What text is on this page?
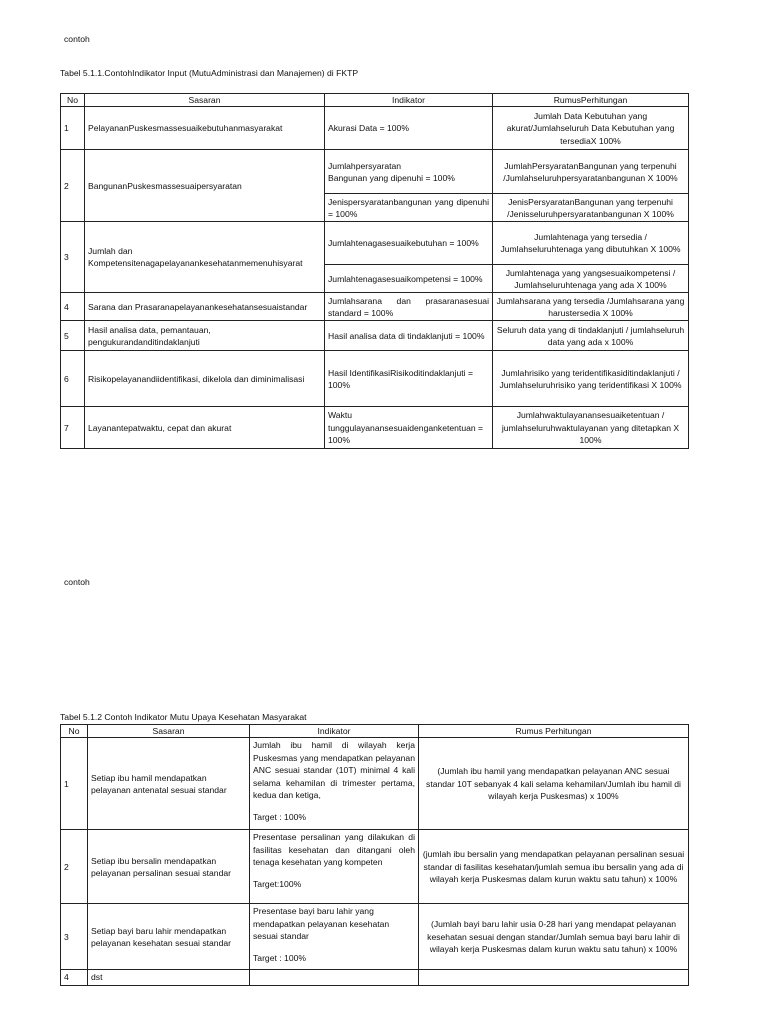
contoh
Tabel 5.1.1.ContohIndikator Input (MutuAdministrasi dan Manajemen) di FKTP
No	Sasaran	Indikator	RumusPerhitungan
1	PelayananPuskesmassesuaikebutuhanmasyarakat	Akurasi Data = 100%	Jumlah Data Kebutuhan yang akurat/Jumlahseluruh Data Kebutuhan yang tersediaX 100%
2	BangunanPuskesmassesuaipersyaratan	Jumlahpersyaratan
Bangunan yang dipenuhi = 100%	JumlahPersyaratanBangunan yang terpenuhi /Jumlahseluruhpersyaratanbangunan X 100%
		Jenispersyaratanbangunan yang dipenuhi = 100%	JenisPersyaratanBangunan yang terpenuhi /Jenisseluruhpersyaratanbangunan X 100%
3	Jumlah dan Kompetensitenagapelayanankesehatanmemenuhisyarat	Jumlahtenagasesuaikebutuhan = 100%	Jumlahtenaga yang tersedia / Jumlahseluruhtenaga yang dibutuhkan X 100%
		Jumlahtenagasesuaikompetensi = 100%	Jumlahtenaga yang yangsesuaikompetensi / Jumlahseluruhtenaga yang ada X 100%
4	Sarana dan Prasaranapelayanankesehatansesuaistandar	Jumlahsarana dan prasaranasesuai standard = 100%	Jumlahsarana yang tersedia /Jumlahsarana yang harustersedia X 100%
5	Hasil analisa data, pemantauan, pengukurandanditindaklanjuti	Hasil analisa data di tindaklanjuti = 100%	Seluruh data yang di tindaklanjuti / jumlahseluruh data yang ada x 100%
6	Risikopelayanandiidentifikasi, dikelola dan diminimalisasi	Hasil IdentifikasiRisikoditindaklanjuti = 100%	Jumlahrisiko yang teridentifikasiditindaklanjuti / Jumlahseluruhrisiko yang teridentifikasi X 100%
7	Layanantepatwaktu, cepat dan akurat	Waktu tunggulayanansesuaidenganketentuan = 100%	Jumlahwaktulayanansesuaiketentuan / jumlahseluruhwaktulayanan yang ditetapkan X 100%
contoh
Tabel 5.1.2 Contoh Indikator Mutu Upaya Kesehatan Masyarakat
No	Sasaran	Indikator	Rumus Perhitungan
1	Setiap ibu hamil mendapatkan pelayanan antenatal sesuai standar	Jumlah ibu hamil di wilayah kerja Puskesmas yang mendapatkan pelayanan ANC sesuai standar (10T) minimal 4 kali selama kehamilan di trimester pertama, kedua dan ketiga,
Target : 100%	(Jumlah ibu hamil yang mendapatkan pelayanan ANC sesuai standar 10T sebanyak 4 kali selama kehamilan/Jumlah ibu hamil di wilayah kerja Puskesmas) x 100%
2	Setiap ibu bersalin mendapatkan pelayanan persalinan sesuai standar	Presentase persalinan yang dilakukan di fasilitas kesehatan dan ditangani oleh tenaga kesehatan yang kompeten
Target:100%	(jumlah ibu bersalin yang mendapatkan pelayanan persalinan sesuai standar di fasilitas kesehatan/jumlah semua ibu bersalin yang ada di wilayah kerja Puskesmas dalam kurun waktu satu tahun) x 100%
3	Setiap bayi baru lahir mendapatkan pelayanan kesehatan sesuai standar	Presentase bayi baru lahir yang mendapatkan pelayanan kesehatan sesuai standar
Target : 100%	(Jumlah bayi baru lahir usia 0-28 hari yang mendapat pelayanan kesehatan sesuai dengan standar/Jumlah semua bayi baru lahir di wilayah kerja Puskesmas dalam kurun waktu satu tahun) x 100%
4	dst		
